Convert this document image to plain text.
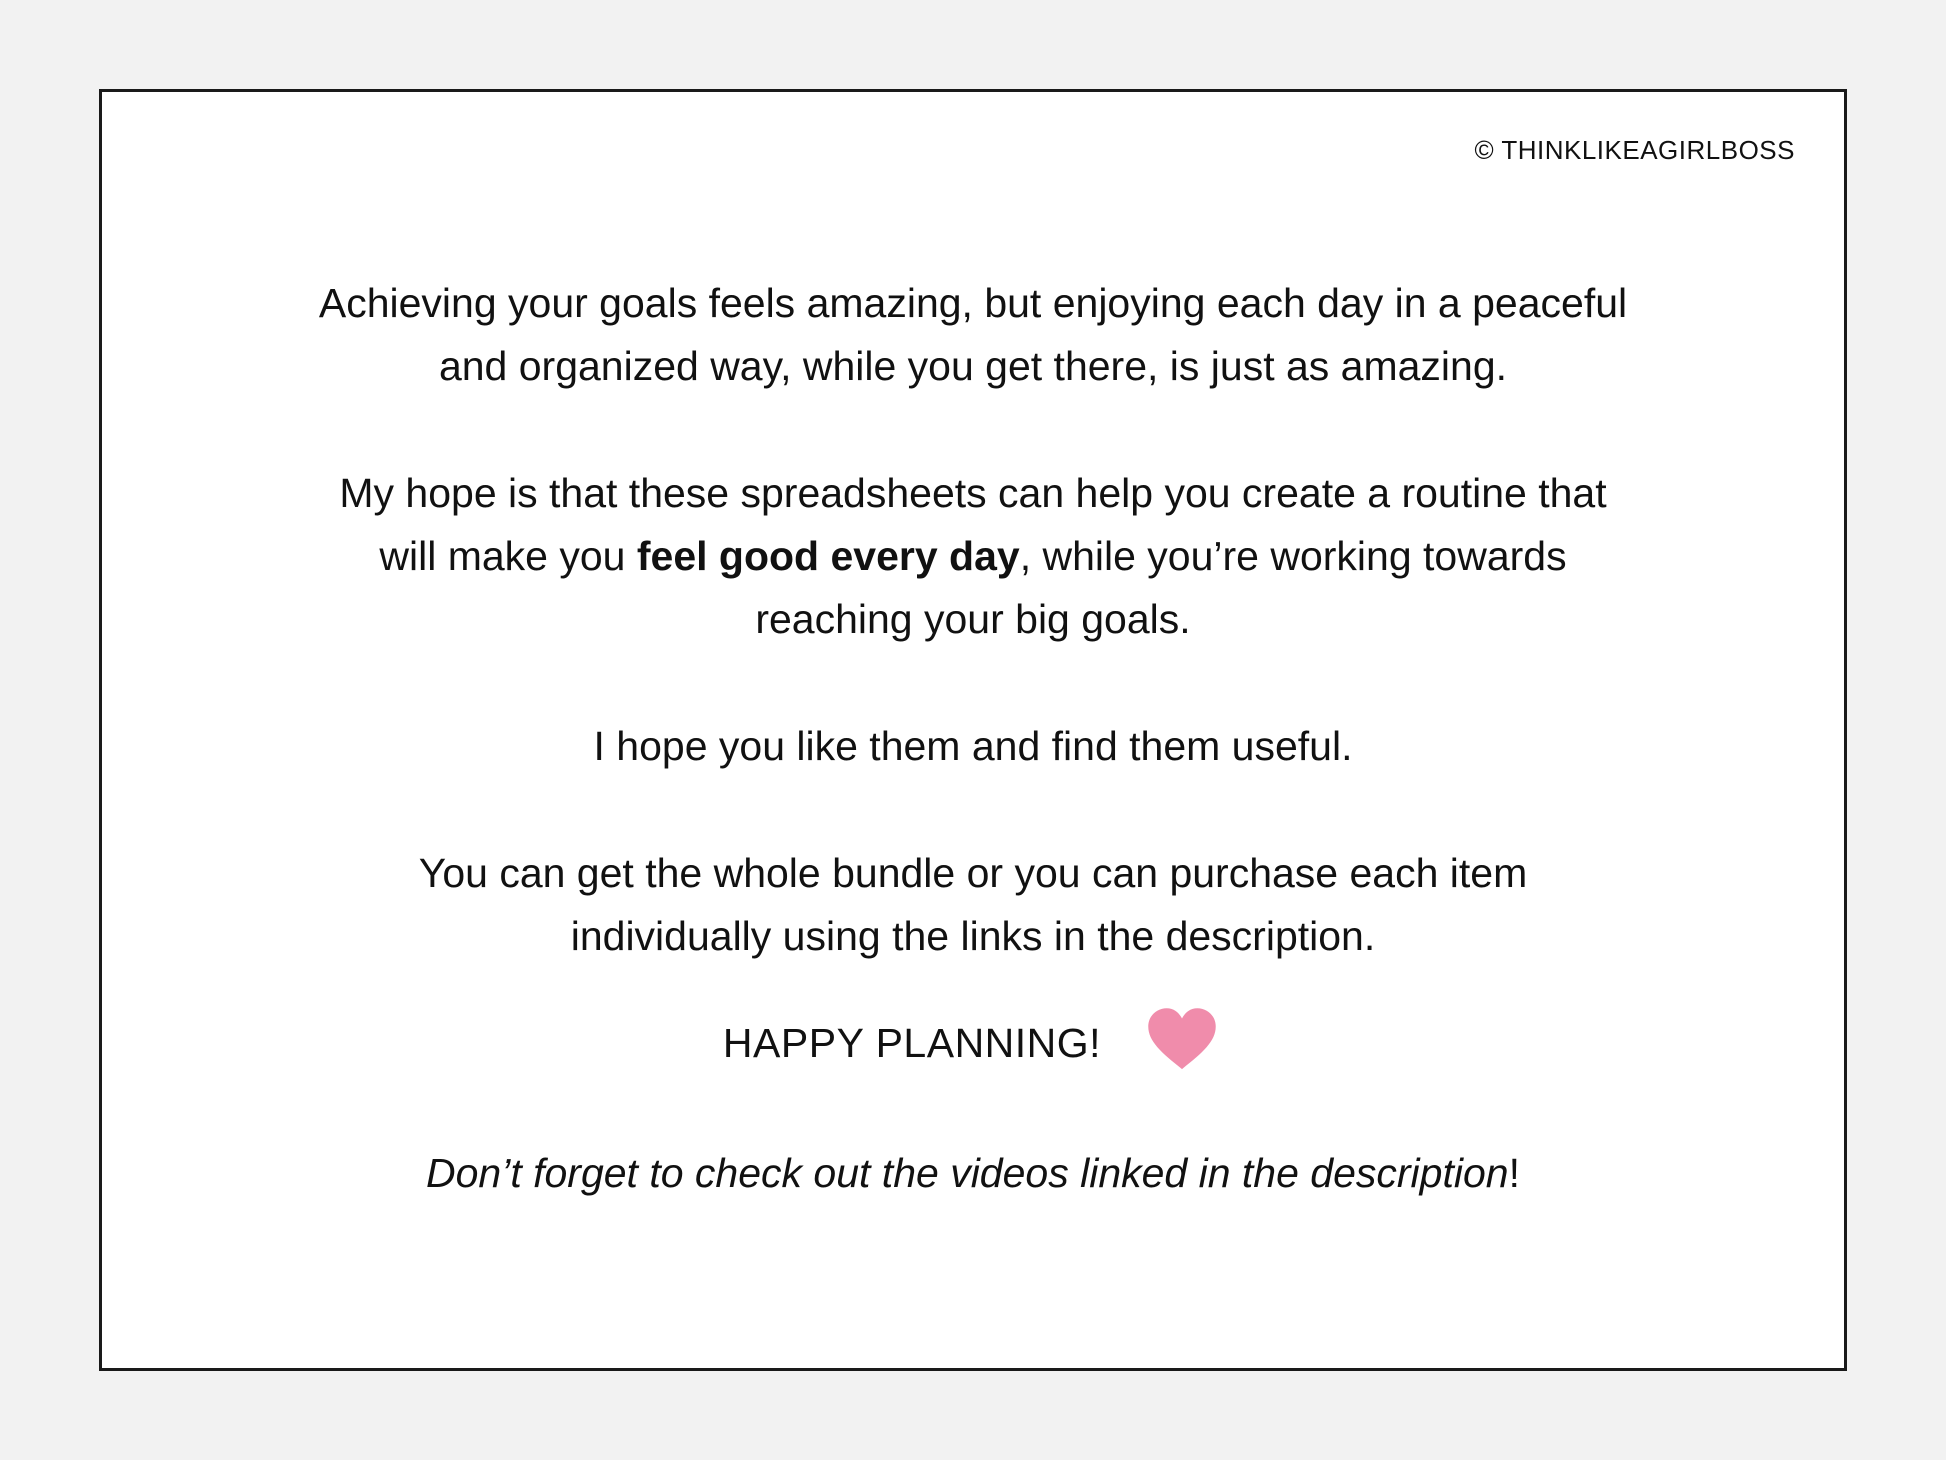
© THINKLIKEAGIRLBOSS
Achieving your goals feels amazing, but enjoying each day in a peaceful
and organized way, while you get there, is just as amazing.
My hope is that these spreadsheets can help you create a routine that
will make you feel good every day, while you’re working towards
reaching your big goals.
I hope you like them and find them useful.
You can get the whole bundle or you can purchase each item
individually using the links in the description.
HAPPY PLANNING!
Don’t forget to check out the videos linked in the description!
